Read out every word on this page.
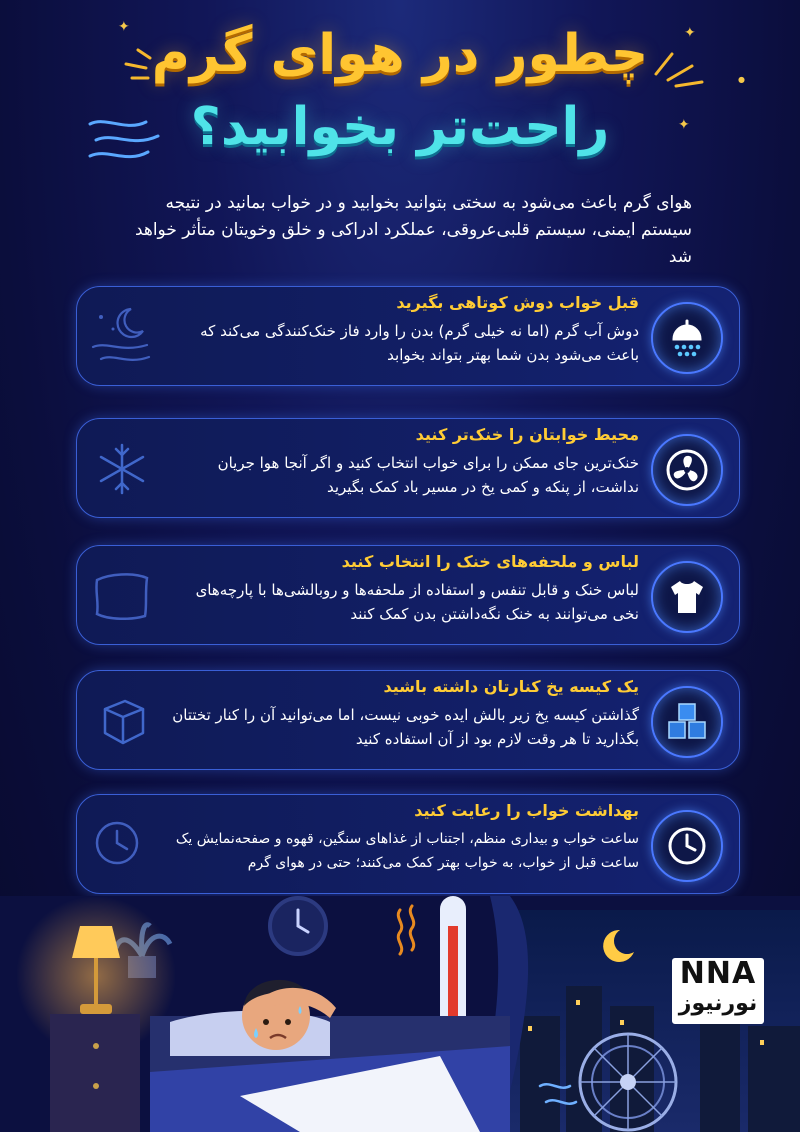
✦	✦
✦
●
چطور در هوای گرم
راحت‌تر بخوابید؟

هوای گرم باعث می‌شود به سختی بتوانید بخوابید و در خواب بمانید در نتیجه سیستم ایمنی، سیستم قلبی‌عروقی، عملکرد ادراکی و خلق وخویتان متأثر خواهد شد

قبل خواب دوش کوتاهی بگیرید

دوش آب گرم (اما نه خیلی گرم) بدن را وارد فاز خنک‌کنندگی می‌کند که باعث می‌شود بدن شما بهتر بتواند بخوابد

محیط خوابتان را خنک‌تر کنید

خنک‌ترین جای ممکن را برای خواب انتخاب کنید و اگر آنجا هوا جریان نداشت، از پنکه و کمی یخ در مسیر باد کمک بگیرید

لباس و ملحفه‌های خنک را انتخاب کنید

لباس خنک و قابل تنفس و استفاده از ملحفه‌ها و روبالشی‌ها با پارچه‌های نخی می‌توانند به خنک نگه‌داشتن بدن کمک کنند

یک کیسه یخ کنارتان داشته باشید

گذاشتن کیسه یخ زیر بالش ایده خوبی نیست، اما می‌توانید آن را کنار تختتان بگذارید تا هر وقت لازم بود از آن استفاده کنید

بهداشت خواب را رعایت کنید

ساعت خواب و بیداری منظم، اجتناب از غذاهای سنگین، قهوه و صفحه‌نمایش یک ساعت قبل از خواب، به خواب بهتر کمک می‌کنند؛ حتی در هوای گرم

NNA
نورنیوز
